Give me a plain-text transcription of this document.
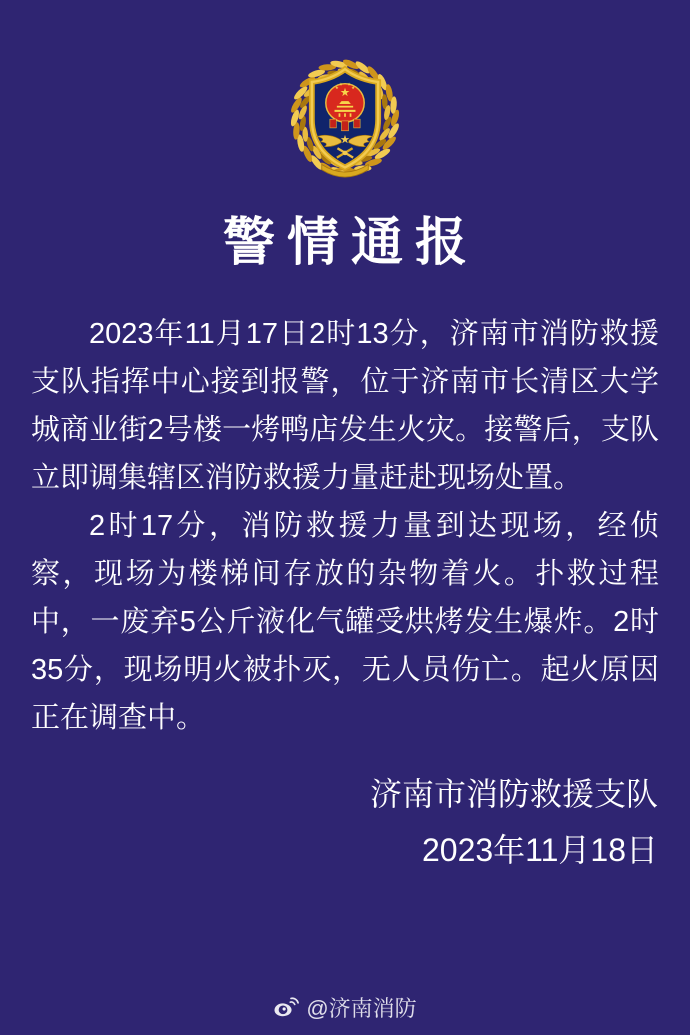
警情通报

2023年11月17日2时13分，济南市消防救援支队指挥中心接到报警，位于济南市长清区大学城商业街2号楼一烤鸭店发生火灾。接警后，支队立即调集辖区消防救援力量赶赴现场处置。

2时17分，消防救援力量到达现场，经侦察，现场为楼梯间存放的杂物着火。扑救过程中，一废弃5公斤液化气罐受烘烤发生爆炸。2时35分，现场明火被扑灭，无人员伤亡。起火原因正在调查中。

济南市消防救援支队
2023年11月18日
@济南消防
